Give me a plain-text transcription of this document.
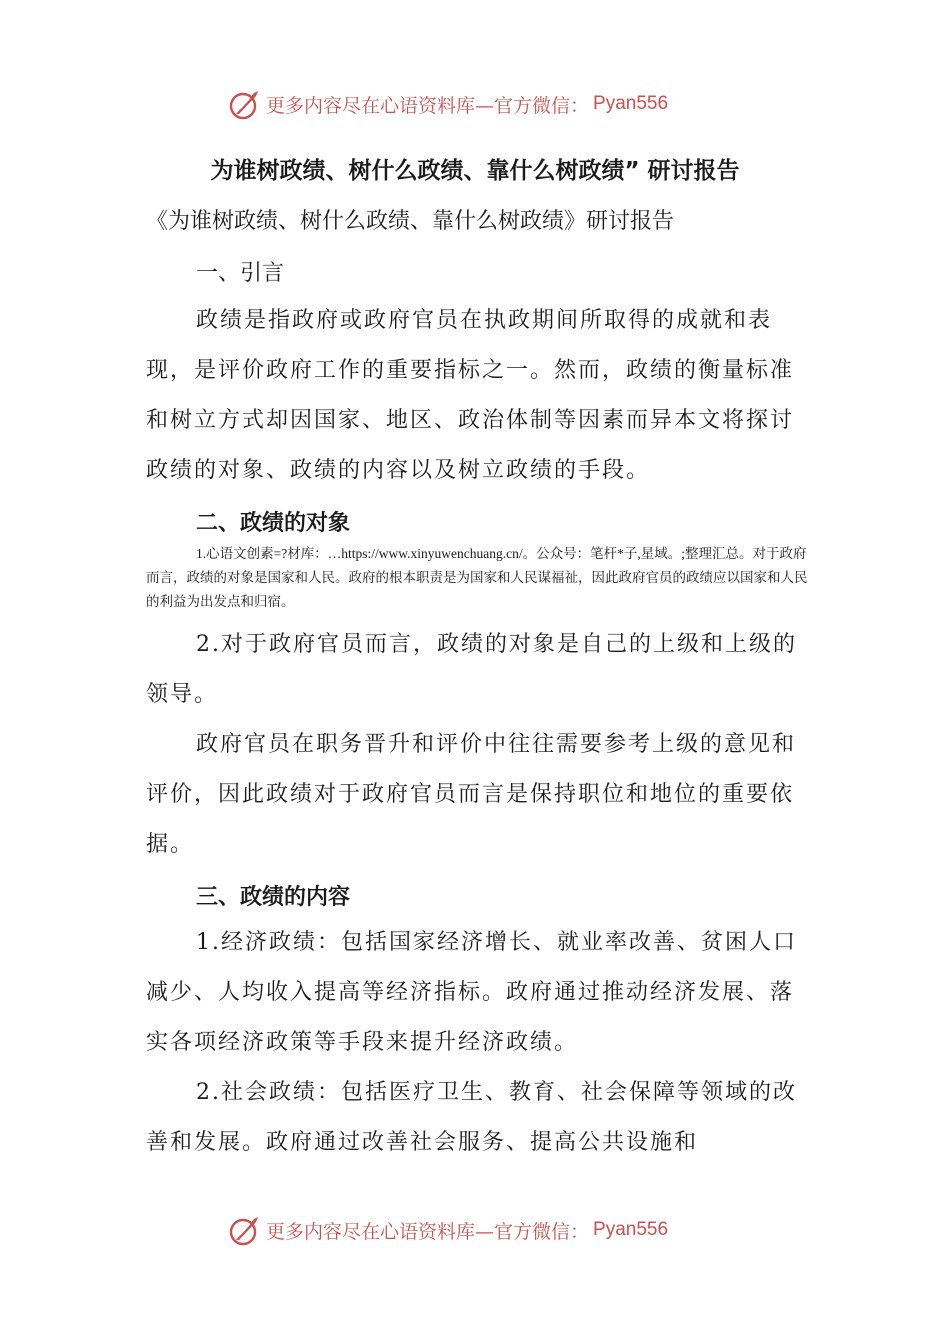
更多内容尽在心语资料库—官方微信： Pyan556
为谁树政绩、树什么政绩、靠什么树政绩” 研讨报告
《为谁树政绩、树什么政绩、靠什么树政绩》研讨报告
一、引言

政绩是指政府或政府官员在执政期间所取得的成就和表现，是评价政府工作的重要指标之一。然而，政绩的衡量标准和树立方式却因国家、地区、政治体制等因素而异本文将探讨政绩的对象、政绩的内容以及树立政绩的手段。

二、政绩的对象

1.心语文创素=?材库：…https://www.xinyuwenchuang.cn/。公众号：笔杆*子,星域。;整理汇总。对于政府而言，政绩的对象是国家和人民。政府的根本职责是为国家和人民谋福祉，因此政府官员的政绩应以国家和人民的利益为出发点和归宿。

2.对于政府官员而言，政绩的对象是自己的上级和上级的领导。

政府官员在职务晋升和评价中往往需要参考上级的意见和评价，因此政绩对于政府官员而言是保持职位和地位的重要依据。

三、政绩的内容

1.经济政绩：包括国家经济增长、就业率改善、贫困人口减少、人均收入提高等经济指标。政府通过推动经济发展、落实各项经济政策等手段来提升经济政绩。

2.社会政绩：包括医疗卫生、教育、社会保障等领域的改善和发展。政府通过改善社会服务、提高公共设施和

更多内容尽在心语资料库—官方微信： Pyan556
